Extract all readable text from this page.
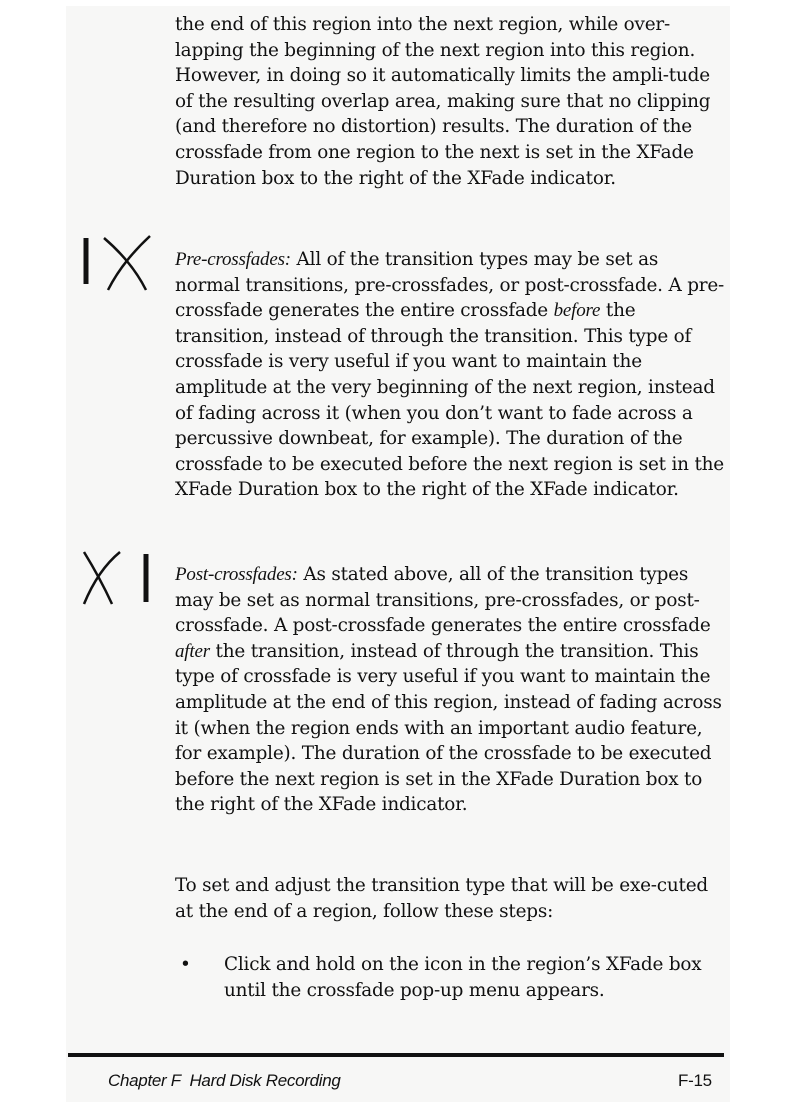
the end of this region into the next region, while over-lapping the beginning of the next region into this region. However, in doing so it automatically limits the ampli-tude of the resulting overlap area, making sure that no clipping (and therefore no distortion) results. The duration of the crossfade from one region to the next is set in the XFade Duration box to the right of the XFade indicator.

Pre-crossfades: All of the transition types may be set as normal transitions, pre-crossfades, or post-crossfade. A pre-crossfade generates the entire crossfade before the transition, instead of through the transition. This type of crossfade is very useful if you want to maintain the amplitude at the very beginning of the next region, instead of fading across it (when you don’t want to fade across a percussive downbeat, for example). The duration of the crossfade to be executed before the next region is set in the XFade Duration box to the right of the XFade indicator.

Post-crossfades: As stated above, all of the transition types may be set as normal transitions, pre-crossfades, or post-crossfade. A post-crossfade generates the entire crossfade after the transition, instead of through the transition. This type of crossfade is very useful if you want to maintain the amplitude at the end of this region, instead of fading across it (when the region ends with an important audio feature, for example). The duration of the crossfade to be executed before the next region is set in the XFade Duration box to the right of the XFade indicator.

To set and adjust the transition type that will be exe-cuted at the end of a region, follow these steps:

• Click and hold on the icon in the region’s XFade box until the crossfade pop-up menu appears.
Chapter F Hard Disk Recording	F-15
